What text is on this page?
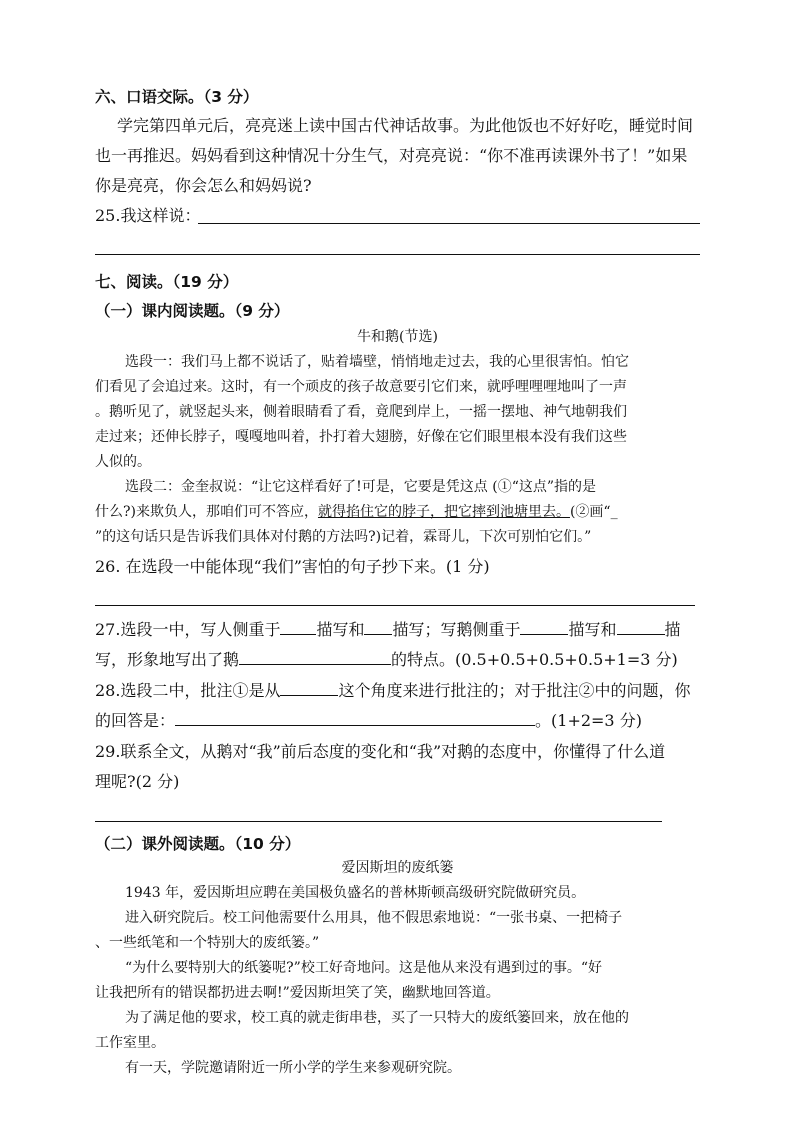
六、口语交际。（3 分）
学完第四单元后，亮亮迷上读中国古代神话故事。为此他饭也不好好吃，睡觉时间
也一再推迟。妈妈看到这种情况十分生气，对亮亮说：“你不准再读课外书了！”如果
你是亮亮，你会怎么和妈妈说?
25.我这样说：
七、阅读。（19 分）
（一）课内阅读题。（9 分）
牛和鹅(节选)
选段一：我们马上都不说话了，贴着墙壁，悄悄地走过去，我的心里很害怕。怕它
们看见了会追过来。这时，有一个顽皮的孩子故意要引它们来，就呼哩哩哩地叫了一声
。鹅听见了，就竖起头来，侧着眼睛看了看，竟爬到岸上，一摇一摆地、神气地朝我们
走过来；还伸长脖子，嘎嘎地叫着，扑打着大翅膀，好像在它们眼里根本没有我们这些
人似的。
选段二：金奎叔说：“让它这样看好了!可是，它要是凭这点 (①“这点”指的是
什么?)来欺负人，那咱们可不答应，就得掐住它的脖子，把它摔到池塘里去。(②画“_
”的这句话只是告诉我们具体对付鹅的方法吗?)记着，霖哥儿，下次可别怕它们。”
26. 在选段一中能体现“我们”害怕的句子抄下来。(1 分)
27.选段一中，写人侧重于 描写和 描写；写鹅侧重于	描写和	描
写，形象地写出了鹅	的特点。(0.5+0.5+0.5+0.5+1=3 分)
28.选段二中，批注①是从	这个角度来进行批注的；对于批注②中的问题，你
的回答是：	。(1+2=3 分)
29.联系全文，从鹅对“我”前后态度的变化和“我”对鹅的态度中，你懂得了什么道
理呢?(2 分)
（二）课外阅读题。（10 分）
爱因斯坦的废纸篓
1943 年，爱因斯坦应聘在美国极负盛名的普林斯顿高级研究院做研究员。
进入研究院后。校工问他需要什么用具，他不假思索地说：“一张书桌、一把椅子
、一些纸笔和一个特别大的废纸篓。”
“为什么要特别大的纸篓呢?”校工好奇地问。这是他从来没有遇到过的事。“好
让我把所有的错误都扔进去啊!”爱因斯坦笑了笑，幽默地回答道。
为了满足他的要求，校工真的就走街串巷，买了一只特大的废纸篓回来，放在他的
工作室里。
有一天，学院邀请附近一所小学的学生来参观研究院。
